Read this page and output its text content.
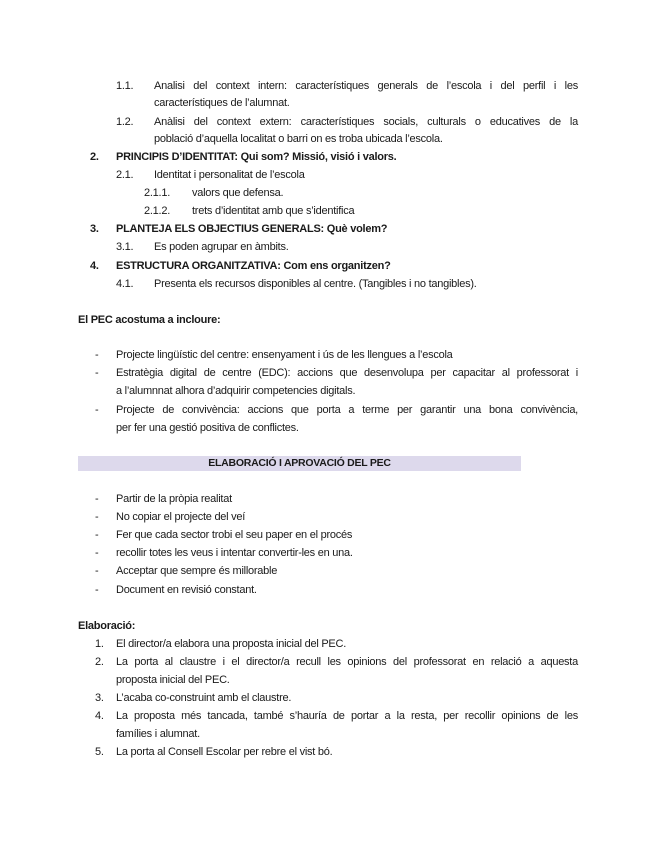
1.1. Analisi del context intern: característiques generals de l’escola i del perfil i les
característiques de l’alumnat.
1.2. Anàlisi del context extern: característiques socials, culturals o educatives de la
població d’aquella localitat o barri on es troba ubicada l’escola.
2. PRINCIPIS D’IDENTITAT: Qui som? Missió, visió i valors.
2.1. Identitat i personalitat de l’escola
2.1.1. valors que defensa.
2.1.2. trets d’identitat amb que s’identifica
3. PLANTEJA ELS OBJECTIUS GENERALS: Què volem?
3.1. Es poden agrupar en àmbits.
4. ESTRUCTURA ORGANITZATIVA: Com ens organitzen?
4.1. Presenta els recursos disponibles al centre. (Tangibles i no tangibles).
El PEC acostuma a incloure:
- Projecte lingüístic del centre: ensenyament i ús de les llengues a l’escola
- Estratègia digital de centre (EDC): accions que desenvolupa per capacitar al professorat i
a l’alumnnat alhora d’adquirir competencies digitals.
- Projecte de convivència: accions que porta a terme per garantir una bona convivència,
per fer una gestió positiva de conflictes.
ELABORACIÓ I APROVACIÓ DEL PEC
- Partir de la pròpia realitat
- No copiar el projecte del veí
- Fer que cada sector trobi el seu paper en el procés
- recollir totes les veus i intentar convertir-les en una.
- Acceptar que sempre és millorable
- Document en revisió constant.
Elaboració:
1. El director/a elabora una proposta inicial del PEC.
2. La porta al claustre i el director/a recull les opinions del professorat en relació a aquesta
proposta inicial del PEC.
3. L’acaba co-construint amb el claustre.
4. La proposta més tancada, també s’hauría de portar a la resta, per recollir opinions de les
famílies i alumnat.
5. La porta al Consell Escolar per rebre el vist bó.
